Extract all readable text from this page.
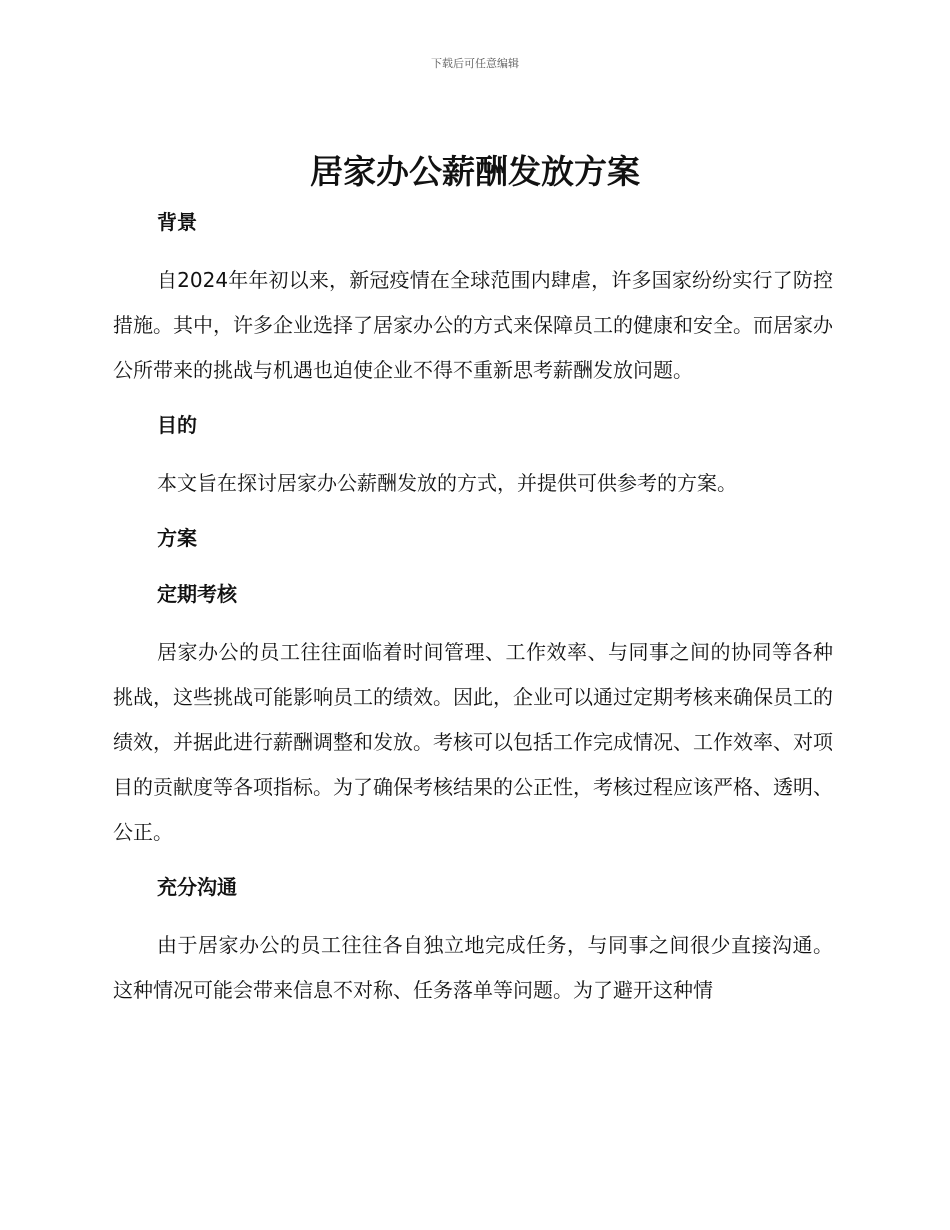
下载后可任意编辑
居家办公薪酬发放方案
背景
自2024年年初以来，新冠疫情在全球范围内肆虐，许多国家纷纷实行了防控措施。其中，许多企业选择了居家办公的方式来保障员工的健康和安全。而居家办公所带来的挑战与机遇也迫使企业不得不重新思考薪酬发放问题。
目的
本文旨在探讨居家办公薪酬发放的方式，并提供可供参考的方案。
方案
定期考核
居家办公的员工往往面临着时间管理、工作效率、与同事之间的协同等各种挑战，这些挑战可能影响员工的绩效。因此，企业可以通过定期考核来确保员工的绩效，并据此进行薪酬调整和发放。考核可以包括工作完成情况、工作效率、对项目的贡献度等各项指标。为了确保考核结果的公正性，考核过程应该严格、透明、公正。
充分沟通
由于居家办公的员工往往各自独立地完成任务，与同事之间很少直接沟通。这种情况可能会带来信息不对称、任务落单等问题。为了避开这种情
